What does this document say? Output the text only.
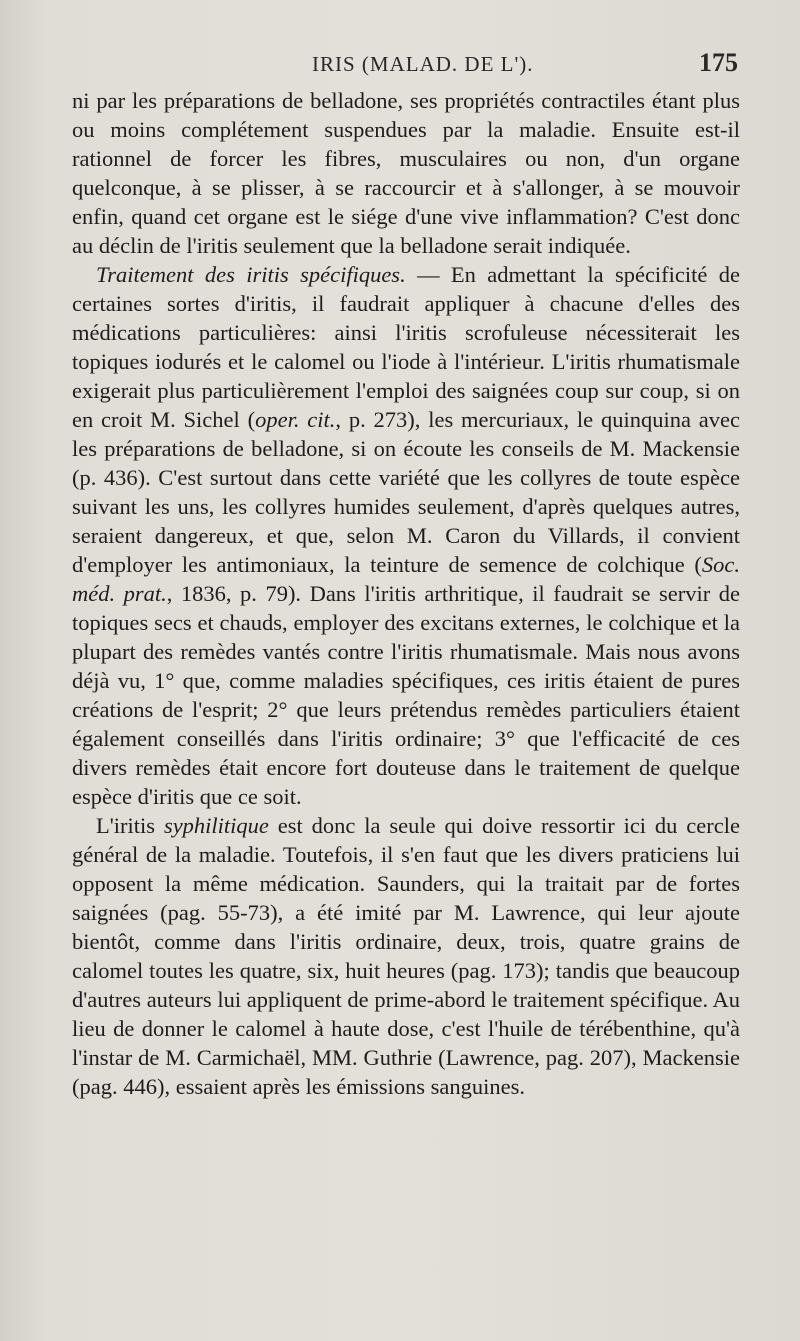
IRIS (MALAD. DE L').	175

ni par les préparations de belladone, ses propriétés contractiles étant plus ou moins complétement suspendues par la maladie. Ensuite est-il rationnel de forcer les fibres, musculaires ou non, d'un organe quelconque, à se plisser, à se raccourcir et à s'allonger, à se mouvoir enfin, quand cet organe est le siége d'une vive inflammation? C'est donc au déclin de l'iritis seulement que la belladone serait indiquée.

Traitement des iritis spécifiques. — En admettant la spécificité de certaines sortes d'iritis, il faudrait appliquer à chacune d'elles des médications particulières: ainsi l'iritis scrofuleuse nécessiterait les topiques iodurés et le calomel ou l'iode à l'intérieur. L'iritis rhumatismale exigerait plus particulièrement l'emploi des saignées coup sur coup, si on en croit M. Sichel (oper. cit., p. 273), les mercuriaux, le quinquina avec les préparations de belladone, si on écoute les conseils de M. Mackensie (p. 436). C'est surtout dans cette variété que les collyres de toute espèce suivant les uns, les collyres humides seulement, d'après quelques autres, seraient dangereux, et que, selon M. Caron du Villards, il convient d'employer les antimoniaux, la teinture de semence de colchique (Soc. méd. prat., 1836, p. 79). Dans l'iritis arthritique, il faudrait se servir de topiques secs et chauds, employer des excitans externes, le colchique et la plupart des remèdes vantés contre l'iritis rhumatismale. Mais nous avons déjà vu, 1° que, comme maladies spécifiques, ces iritis étaient de pures créations de l'esprit; 2° que leurs prétendus remèdes particuliers étaient également conseillés dans l'iritis ordinaire; 3° que l'efficacité de ces divers remèdes était encore fort douteuse dans le traitement de quelque espèce d'iritis que ce soit.

L'iritis syphilitique est donc la seule qui doive ressortir ici du cercle général de la maladie. Toutefois, il s'en faut que les divers praticiens lui opposent la même médication. Saunders, qui la traitait par de fortes saignées (pag. 55-73), a été imité par M. Lawrence, qui leur ajoute bientôt, comme dans l'iritis ordinaire, deux, trois, quatre grains de calomel toutes les quatre, six, huit heures (pag. 173); tandis que beaucoup d'autres auteurs lui appliquent de prime-abord le traitement spécifique. Au lieu de donner le calomel à haute dose, c'est l'huile de térébenthine, qu'à l'instar de M. Carmichaël, MM. Guthrie (Lawrence, pag. 207), Mackensie (pag. 446), essaient après les émissions sanguines.
